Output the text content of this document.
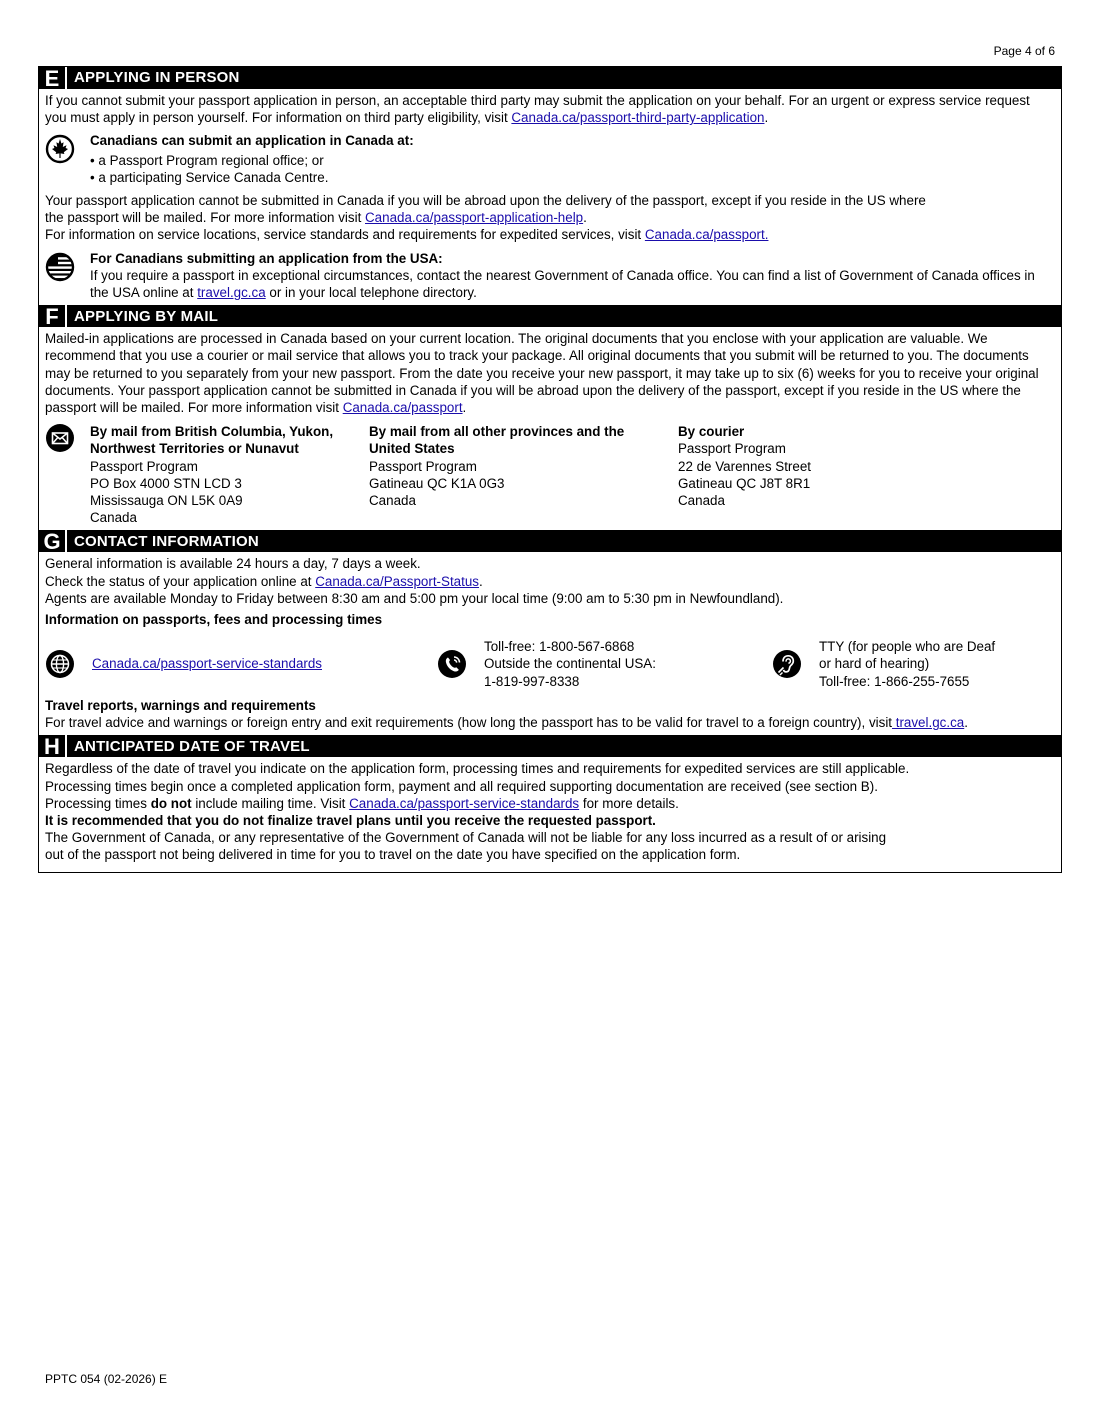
Page 4 of 6
E APPLYING IN PERSON

If you cannot submit your passport application in person, an acceptable third party may submit the application on your behalf. For an urgent or express service request you must apply in person yourself. For information on third party eligibility, visit Canada.ca/passport-third-party-application.

Canadians can submit an application in Canada at:
• a Passport Program regional office; or
• a participating Service Canada Centre.

Your passport application cannot be submitted in Canada if you will be abroad upon the delivery of the passport, except if you reside in the US where
the passport will be mailed. For more information visit Canada.ca/passport-application-help.
For information on service locations, service standards and requirements for expedited services, visit Canada.ca/passport.

For Canadians submitting an application from the USA:
If you require a passport in exceptional circumstances, contact the nearest Government of Canada office. You can find a list of Government of Canada offices in the USA online at travel.gc.ca or in your local telephone directory.
F	APPLYING BY MAIL

Mailed-in applications are processed in Canada based on your current location. The original documents that you enclose with your application are valuable. We recommend that you use a courier or mail service that allows you to track your package. All original documents that you submit will be returned to you. The documents may be returned to you separately from your new passport. From the date you receive your new passport, it may take up to six (6) weeks for you to receive your original documents. Your passport application cannot be submitted in Canada if you will be abroad upon the delivery of the passport, except if you reside in the US where the passport will be mailed. For more information visit Canada.ca/passport.

By mail from British Columbia, Yukon, Northwest Territories or Nunavut
Passport Program
PO Box 4000 STN LCD 3
Mississauga ON L5K 0A9
Canada
By mail from all other provinces and the United States
Passport Program
Gatineau QC K1A 0G3
Canada
By courier
Passport Program
22 de Varennes Street
Gatineau QC J8T 8R1
Canada
G CONTACT INFORMATION
General information is available 24 hours a day, 7 days a week.
Check the status of your application online at Canada.ca/Passport-Status.
Agents are available Monday to Friday between 8:30 am and 5:00 pm your local time (9:00 am to 5:30 pm in Newfoundland).
Information on passports, fees and processing times
Canada.ca/passport-service-standards
Toll-free: 1-800-567-6868
Outside the continental USA:
1-819-997-8338
TTY (for people who are Deaf
or hard of hearing)
Toll-free: 1-866-255-7655
Travel reports, warnings and requirements
For travel advice and warnings or foreign entry and exit requirements (how long the passport has to be valid for travel to a foreign country), visit travel.gc.ca.
H ANTICIPATED DATE OF TRAVEL
Regardless of the date of travel you indicate on the application form, processing times and requirements for expedited services are still applicable.
Processing times begin once a completed application form, payment and all required supporting documentation are received (see section B).
Processing times do not include mailing time. Visit Canada.ca/passport-service-standards for more details.
It is recommended that you do not finalize travel plans until you receive the requested passport.
The Government of Canada, or any representative of the Government of Canada will not be liable for any loss incurred as a result of or arising
out of the passport not being delivered in time for you to travel on the date you have specified on the application form.
PPTC 054 (02-2026) E
